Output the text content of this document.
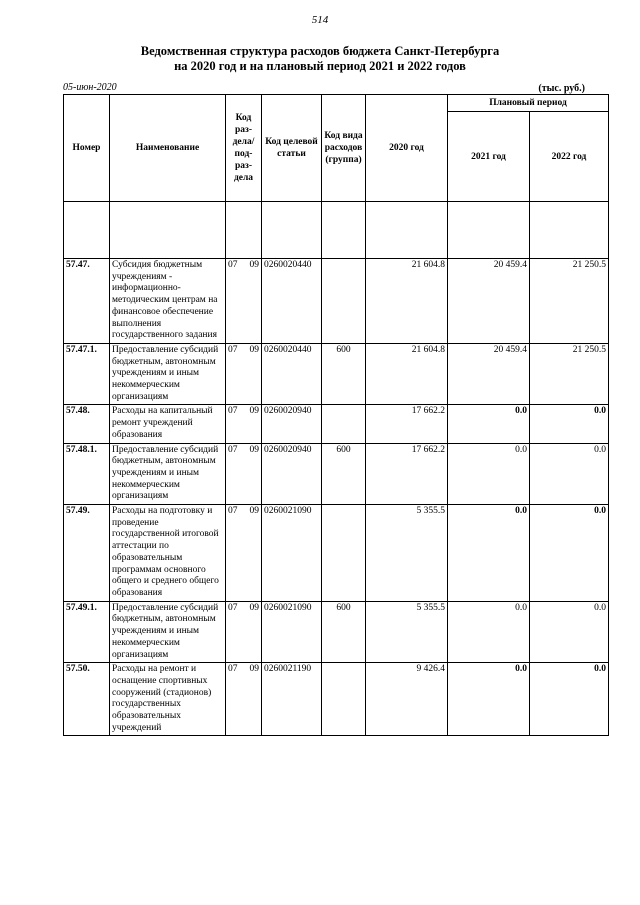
514
Ведомственная структура расходов бюджета Санкт-Петербурга
на 2020 год и на плановый период 2021 и 2022 годов
05-июн-2020	(тыс. руб.)
Номер	Наименование	Код раз-дела/ под-раз-дела	Код целевой статьи	Код вида расходов (группа)	2020 год	Плановый период	
						2021 год	2022 год

57.47.	Субсидия бюджетным учреждениям - информационно-методическим центрам на финансовое обеспечение выполнения государственного задания	07 09	0260020440		21 604.8	20 459.4	21 250.5
57.47.1.	Предоставление субсидий бюджетным, автономным учреждениям и иным некоммерческим организациям	07 09	0260020440	600	21 604.8	20 459.4	21 250.5
57.48.	Расходы на капитальный ремонт учреждений образования	07 09	0260020940		17 662.2	0.0	0.0
57.48.1.	Предоставление субсидий бюджетным, автономным учреждениям и иным некоммерческим организациям	07 09	0260020940	600	17 662.2	0.0	0.0
57.49.	Расходы на подготовку и проведение государственной итоговой аттестации по образовательным программам основного общего и среднего общего образования	07 09	0260021090		5 355.5	0.0	0.0
57.49.1.	Предоставление субсидий бюджетным, автономным учреждениям и иным некоммерческим организациям	07 09	0260021090	600	5 355.5	0.0	0.0
57.50.	Расходы на ремонт и оснащение спортивных сооружений (стадионов) государственных образовательных учреждений	07 09	0260021190		9 426.4	0.0	0.0
